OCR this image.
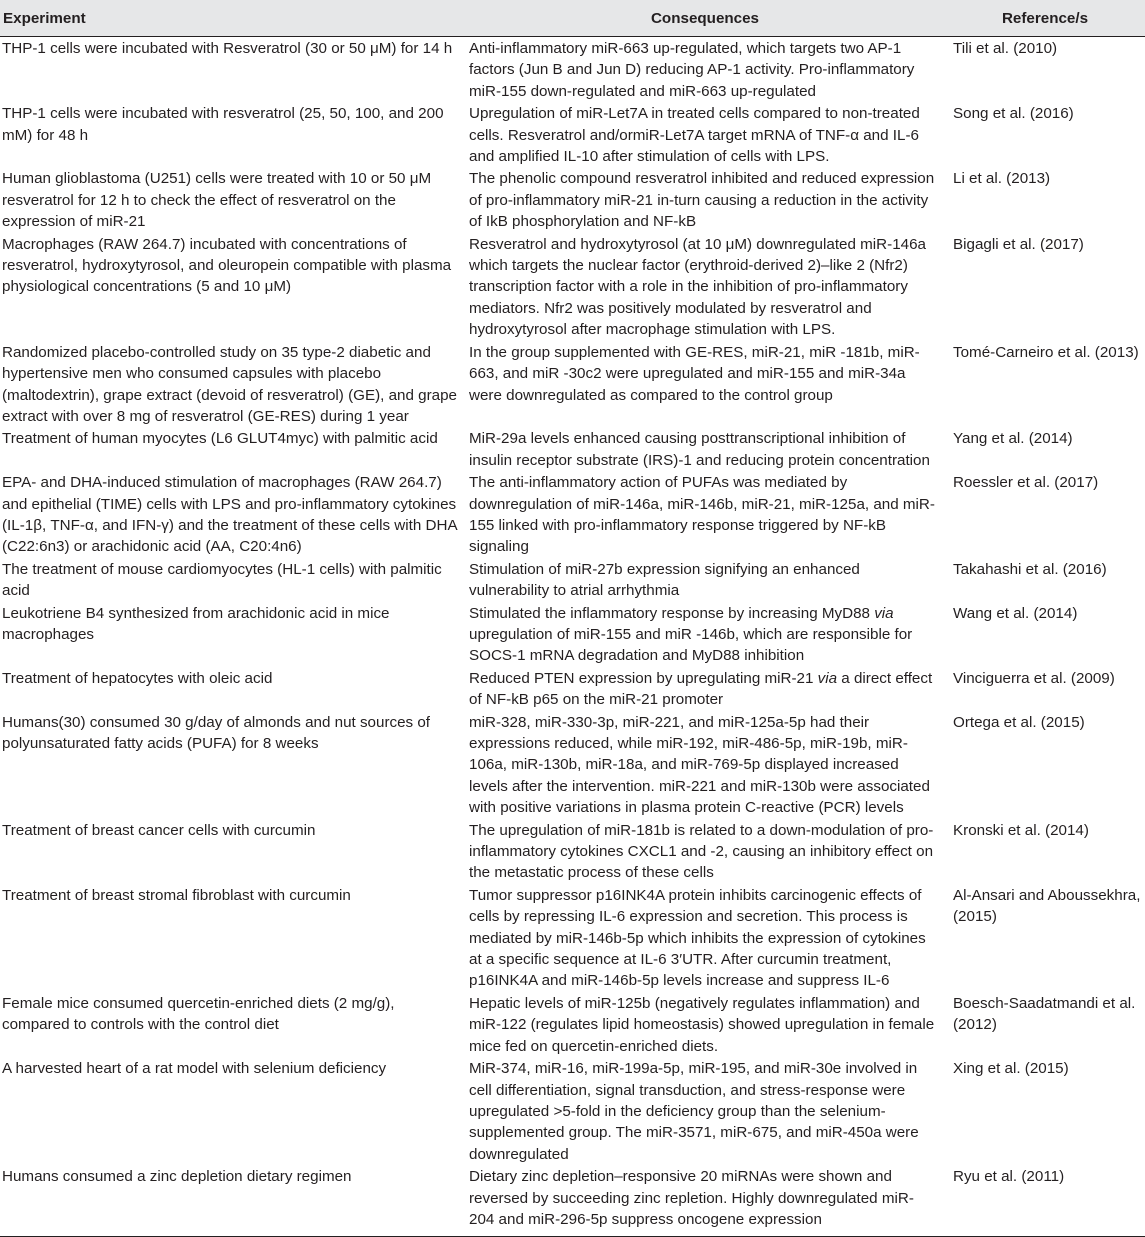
Experiment	Consequences	Reference/s
THP-1 cells were incubated with Resveratrol (30 or 50 μM) for 14 h	Anti-inflammatory miR-663 up-regulated, which targets two AP-1 factors (Jun B and Jun D) reducing AP-1 activity. Pro-inflammatory miR-155 down-regulated and miR-663 up-regulated	Tili et al. (2010)
THP-1 cells were incubated with resveratrol (25, 50, 100, and 200 mM) for 48 h	Upregulation of miR-Let7A in treated cells compared to non-treated cells. Resveratrol and/ormiR-Let7A target mRNA of TNF-α and IL-6 and amplified IL-10 after stimulation of cells with LPS.	Song et al. (2016)
Human glioblastoma (U251) cells were treated with 10 or 50 μM resveratrol for 12 h to check the effect of resveratrol on the expression of miR-21	The phenolic compound resveratrol inhibited and reduced expression of pro-inflammatory miR-21 in-turn causing a reduction in the activity of IkB phosphorylation and NF-kB	Li et al. (2013)
Macrophages (RAW 264.7) incubated with concentrations of resveratrol, hydroxytyrosol, and oleuropein compatible with plasma physiological concentrations (5 and 10 μM)	Resveratrol and hydroxytyrosol (at 10 μM) downregulated miR-146a which targets the nuclear factor (erythroid-derived 2)–like 2 (Nfr2) transcription factor with a role in the inhibition of pro-inflammatory mediators. Nfr2 was positively modulated by resveratrol and hydroxytyrosol after macrophage stimulation with LPS.	Bigagli et al. (2017)
Randomized placebo-controlled study on 35 type-2 diabetic and hypertensive men who consumed capsules with placebo (maltodextrin), grape extract (devoid of resveratrol) (GE), and grape extract with over 8 mg of resveratrol (GE-RES) during 1 year	In the group supplemented with GE-RES, miR-21, miR -181b, miR-663, and miR -30c2 were upregulated and miR-155 and miR-34a were downregulated as compared to the control group	Tomé-Carneiro et al. (2013)
Treatment of human myocytes (L6 GLUT4myc) with palmitic acid	MiR-29a levels enhanced causing posttranscriptional inhibition of insulin receptor substrate (IRS)-1 and reducing protein concentration	Yang et al. (2014)
EPA- and DHA-induced stimulation of macrophages (RAW 264.7) and epithelial (TIME) cells with LPS and pro-inflammatory cytokines (IL-1β, TNF-α, and IFN-γ) and the treatment of these cells with DHA (C22:6n3) or arachidonic acid (AA, C20:4n6)	The anti-inflammatory action of PUFAs was mediated by downregulation of miR-146a, miR-146b, miR-21, miR-125a, and miR-155 linked with pro-inflammatory response triggered by NF-kB signaling	Roessler et al. (2017)
The treatment of mouse cardiomyocytes (HL-1 cells) with palmitic acid	Stimulation of miR-27b expression signifying an enhanced vulnerability to atrial arrhythmia	Takahashi et al. (2016)
Leukotriene B4 synthesized from arachidonic acid in mice macrophages	Stimulated the inflammatory response by increasing MyD88 via upregulation of miR-155 and miR -146b, which are responsible for SOCS-1 mRNA degradation and MyD88 inhibition	Wang et al. (2014)
Treatment of hepatocytes with oleic acid	Reduced PTEN expression by upregulating miR-21 via a direct effect of NF-kB p65 on the miR-21 promoter	Vinciguerra et al. (2009)
Humans(30) consumed 30 g/day of almonds and nut sources of polyunsaturated fatty acids (PUFA) for 8 weeks	miR-328, miR-330-3p, miR-221, and miR-125a-5p had their expressions reduced, while miR-192, miR-486-5p, miR-19b, miR-106a, miR-130b, miR-18a, and miR-769-5p displayed increased levels after the intervention. miR-221 and miR-130b were associated with positive variations in plasma protein C-reactive (PCR) levels	Ortega et al. (2015)
Treatment of breast cancer cells with curcumin	The upregulation of miR-181b is related to a down-modulation of pro-inflammatory cytokines CXCL1 and -2, causing an inhibitory effect on the metastatic process of these cells	Kronski et al. (2014)
Treatment of breast stromal fibroblast with curcumin	Tumor suppressor p16INK4A protein inhibits carcinogenic effects of cells by repressing IL-6 expression and secretion. This process is mediated by miR-146b-5p which inhibits the expression of cytokines at a specific sequence at IL-6 3′UTR. After curcumin treatment, p16INK4A and miR-146b-5p levels increase and suppress IL-6	Al-Ansari and Aboussekhra, (2015)
Female mice consumed quercetin-enriched diets (2 mg/g), compared to controls with the control diet	Hepatic levels of miR-125b (negatively regulates inflammation) and miR-122 (regulates lipid homeostasis) showed upregulation in female mice fed on quercetin-enriched diets.	Boesch-Saadatmandi et al. (2012)
A harvested heart of a rat model with selenium deficiency	MiR-374, miR-16, miR-199a-5p, miR-195, and miR-30e involved in cell differentiation, signal transduction, and stress-response were upregulated >5-fold in the deficiency group than the selenium-supplemented group. The miR-3571, miR-675, and miR-450a were downregulated	Xing et al. (2015)
Humans consumed a zinc depletion dietary regimen	Dietary zinc depletion–responsive 20 miRNAs were shown and reversed by succeeding zinc repletion. Highly downregulated miR-204 and miR-296-5p suppress oncogene expression	Ryu et al. (2011)
